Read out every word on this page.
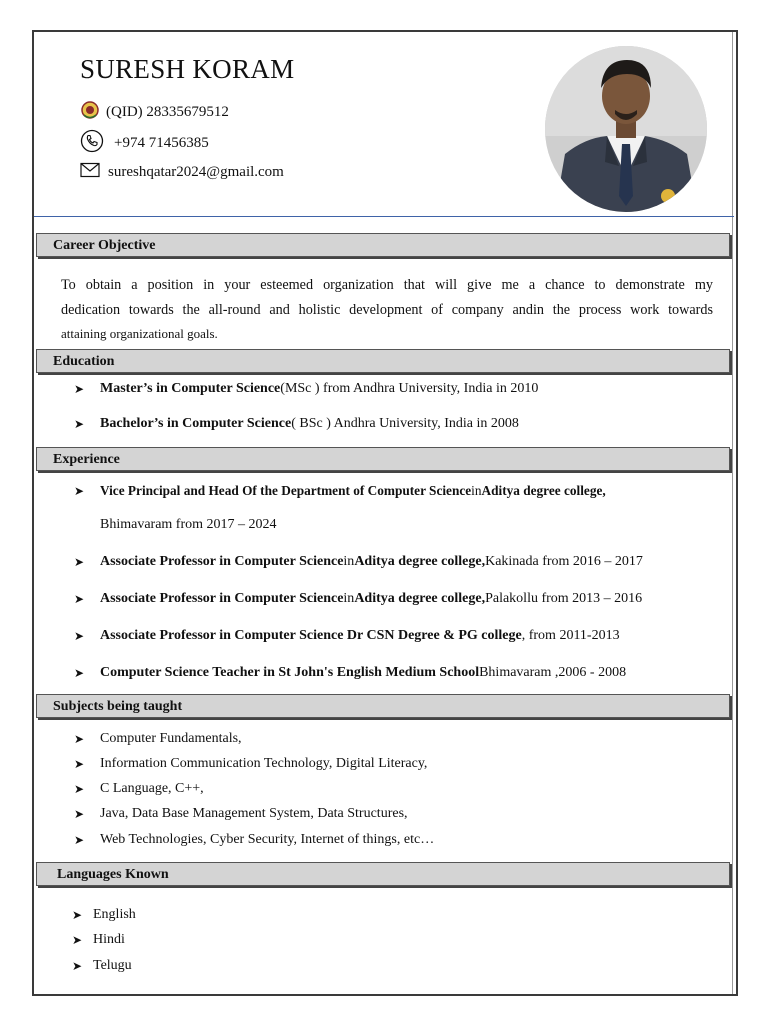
SURESH KORAM
(QID) 28335679512
+974 71456385
sureshqatar2024@gmail.com
Career Objective
To obtain a position in your esteemed organization that will give me a chance to demonstrate my
dedication towards the all-round and holistic development of company andin the process work towards
attaining organizational goals.
Education
➤	Master’s in Computer Science (MSc ) from Andhra University, India in 2010
➤	Bachelor’s in Computer Science ( BSc ) Andhra University, India in 2008
Experience
➤	Vice Principal and Head Of the Department of Computer Science in Aditya degree college,
Bhimavaram from 2017 – 2024
➤	Associate Professor in Computer Science in Aditya degree college, Kakinada from 2016 – 2017
➤	Associate Professor in Computer Science in Aditya degree college, Palakollu from 2013 – 2016
➤	Associate Professor in Computer Science Dr CSN Degree & PG college , from 2011-2013
➤	Computer Science Teacher in St John's English Medium School Bhimavaram ,2006 - 2008
Subjects being taught
➤	Computer Fundamentals,
➤	Information Communication Technology, Digital Literacy,
➤	C Language, C++,
➤	Java, Data Base Management System, Data Structures,
➤	Web Technologies, Cyber Security, Internet of things, etc…
Languages Known
➤ English
➤ Hindi
➤ Telugu
